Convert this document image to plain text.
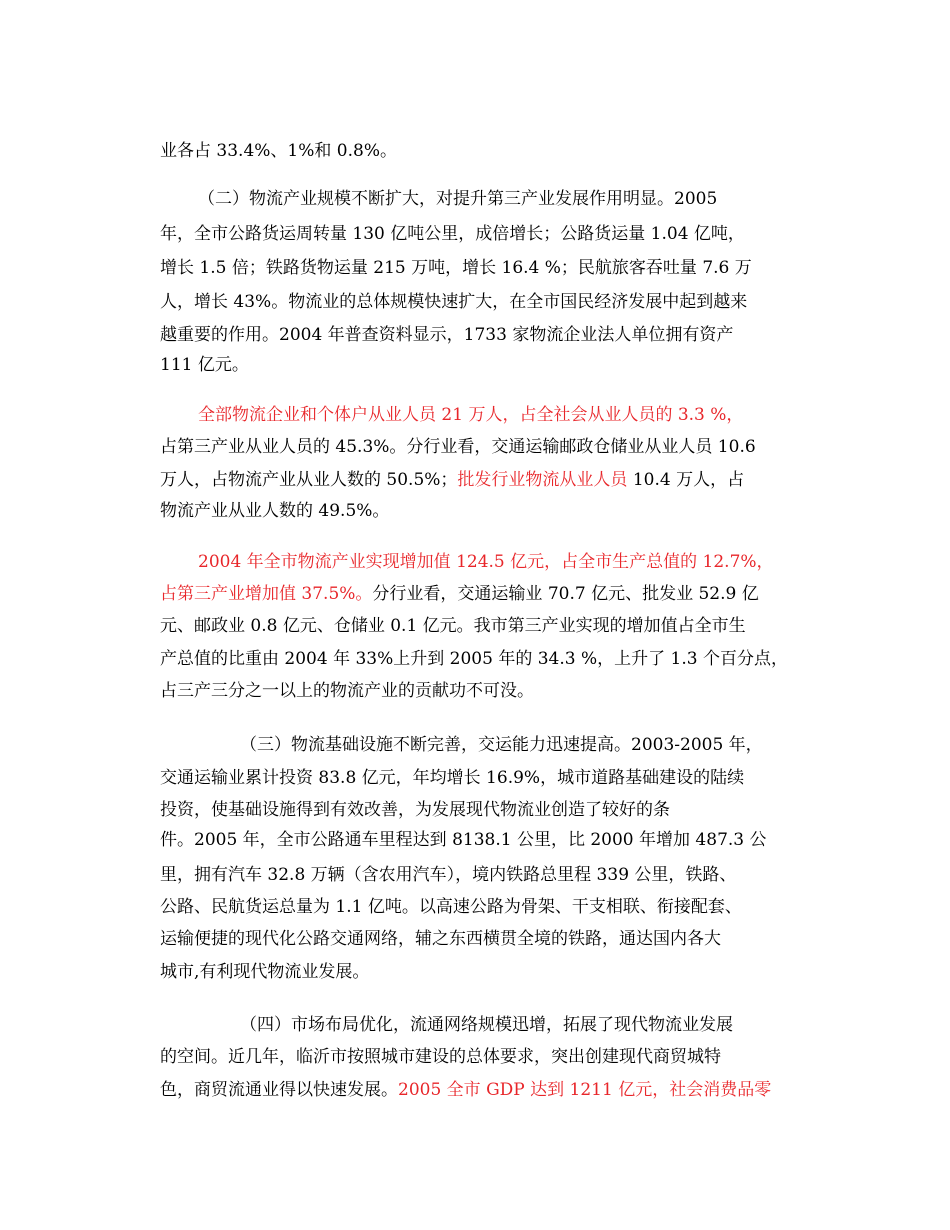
业各占 33.4%、1%和 0.8%。
（二）物流产业规模不断扩大，对提升第三产业发展作用明显。2005
年，全市公路货运周转量 130 亿吨公里，成倍增长；公路货运量 1.04 亿吨，
增长 1.5 倍；铁路货物运量 215 万吨，增长 16.4 %；民航旅客吞吐量 7.6 万
人，增长 43%。物流业的总体规模快速扩大，在全市国民经济发展中起到越来
越重要的作用。2004 年普查资料显示，1733 家物流企业法人单位拥有资产
111 亿元。
全部物流企业和个体户从业人员 21 万人，占全社会从业人员的 3.3 %，
占第三产业从业人员的 45.3%。分行业看，交通运输邮政仓储业从业人员 10.6
万人，占物流产业从业人数的 50.5%；批发行业物流从业人员 10.4 万人，占
物流产业从业人数的 49.5%。
2004 年全市物流产业实现增加值 124.5 亿元，占全市生产总值的 12.7%，
占第三产业增加值 37.5%。分行业看，交通运输业 70.7 亿元、批发业 52.9 亿
元、邮政业 0.8 亿元、仓储业 0.1 亿元。我市第三产业实现的增加值占全市生
产总值的比重由 2004 年 33%上升到 2005 年的 34.3 %，上升了 1.3 个百分点，
占三产三分之一以上的物流产业的贡献功不可没。
（三）物流基础设施不断完善，交运能力迅速提高。2003-2005 年，
交通运输业累计投资 83.8 亿元，年均增长 16.9%，城市道路基础建设的陆续
投资，使基础设施得到有效改善，为发展现代物流业创造了较好的条
件。2005 年，全市公路通车里程达到 8138.1 公里，比 2000 年增加 487.3 公
里，拥有汽车 32.8 万辆（含农用汽车），境内铁路总里程 339 公里，铁路、
公路、民航货运总量为 1.1 亿吨。以高速公路为骨架、干支相联、衔接配套、
运输便捷的现代化公路交通网络，辅之东西横贯全境的铁路，通达国内各大
城市,有利现代物流业发展。
（四）市场布局优化，流通网络规模迅增，拓展了现代物流业发展
的空间。近几年，临沂市按照城市建设的总体要求，突出创建现代商贸城特
色，商贸流通业得以快速发展。2005 全市 GDP 达到 1211 亿元，社会消费品零
